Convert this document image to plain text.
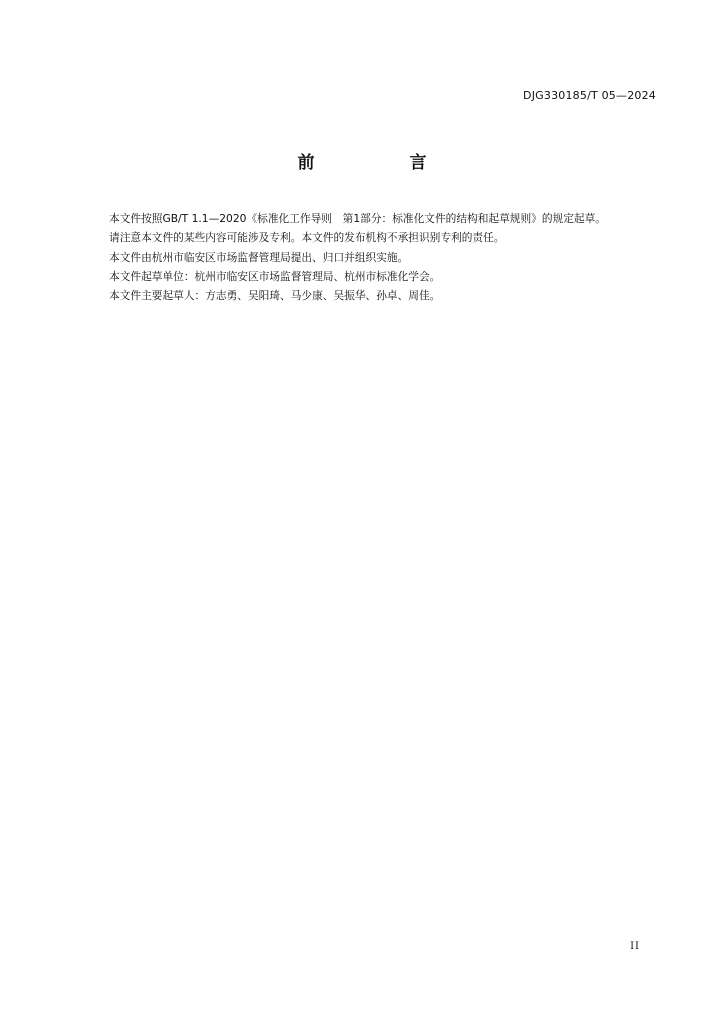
DJG330185/T 05—2024
前　言

本文件按照GB/T 1.1—2020《标准化工作导则　第1部分：标准化文件的结构和起草规则》的规定起草。

请注意本文件的某些内容可能涉及专利。本文件的发布机构不承担识别专利的责任。

本文件由杭州市临安区市场监督管理局提出、归口并组织实施。

本文件起草单位：杭州市临安区市场监督管理局、杭州市标准化学会。

本文件主要起草人：方志勇、吴阳琦、马少康、吴振华、孙卓、周佳。

II
